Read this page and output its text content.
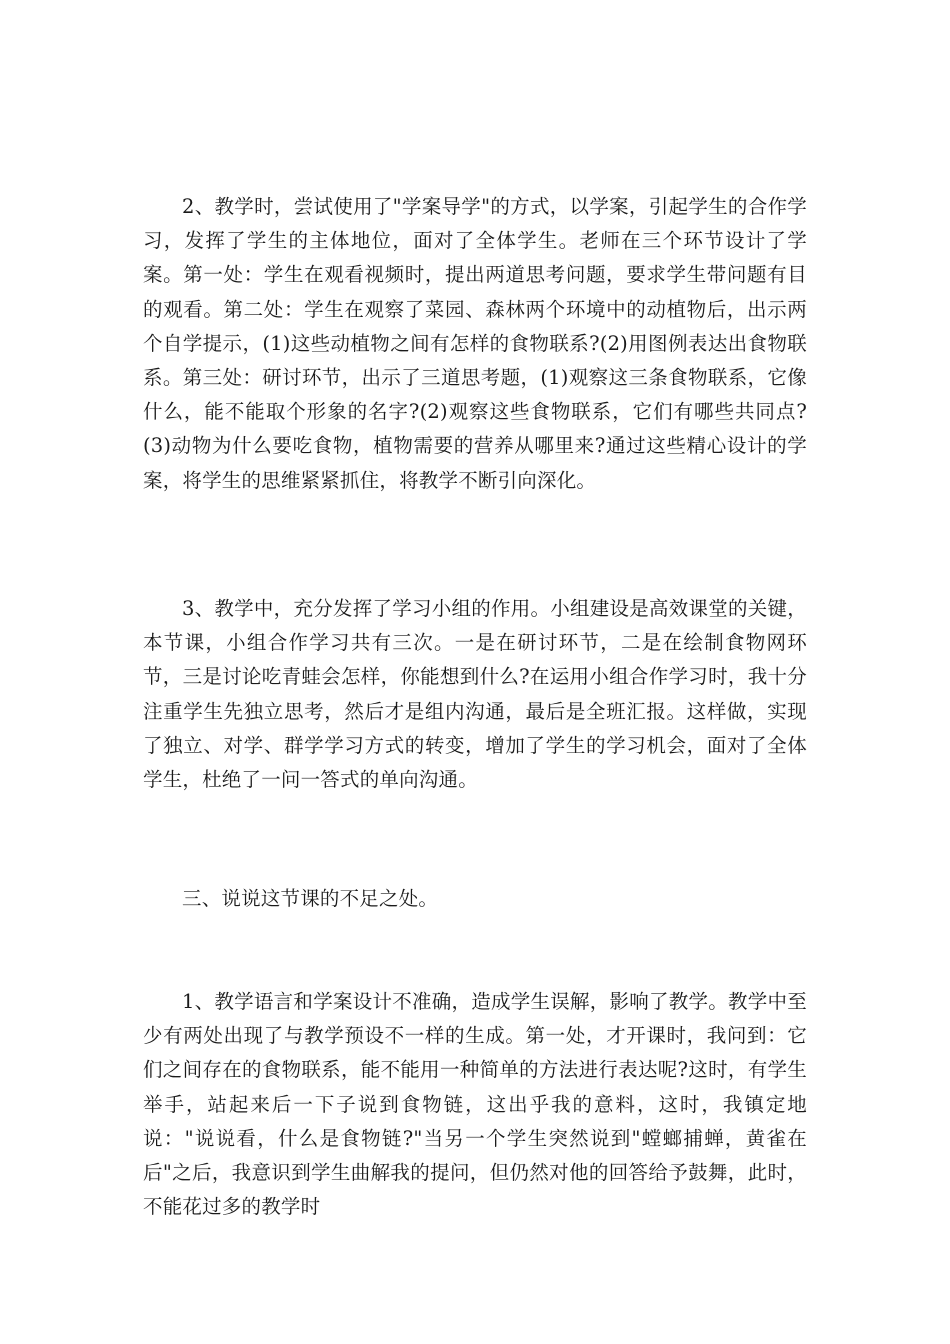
2、教学时，尝试使用了"学案导学"的方式，以学案，引起学生的合作学习，发挥了学生的主体地位，面对了全体学生。老师在三个环节设计了学案。第一处：学生在观看视频时，提出两道思考问题，要求学生带问题有目的观看。第二处：学生在观察了菜园、森林两个环境中的动植物后，出示两个自学提示，(1)这些动植物之间有怎样的食物联系?(2)用图例表达出食物联系。第三处：研讨环节，出示了三道思考题，(1)观察这三条食物联系，它像什么，能不能取个形象的名字?(2)观察这些食物联系，它们有哪些共同点?(3)动物为什么要吃食物，植物需要的营养从哪里来?通过这些精心设计的学案，将学生的思维紧紧抓住，将教学不断引向深化。

3、教学中，充分发挥了学习小组的作用。小组建设是高效课堂的关键，本节课，小组合作学习共有三次。一是在研讨环节，二是在绘制食物网环节，三是讨论吃青蛙会怎样，你能想到什么?在运用小组合作学习时，我十分注重学生先独立思考，然后才是组内沟通，最后是全班汇报。这样做，实现了独立、对学、群学学习方式的转变，增加了学生的学习机会，面对了全体学生，杜绝了一问一答式的单向沟通。

三、说说这节课的不足之处。

1、教学语言和学案设计不准确，造成学生误解，影响了教学。教学中至少有两处出现了与教学预设不一样的生成。第一处，才开课时，我问到：它们之间存在的食物联系，能不能用一种简单的方法进行表达呢?这时，有学生举手，站起来后一下子说到食物链，这出乎我的意料，这时，我镇定地说："说说看，什么是食物链?"当另一个学生突然说到"螳螂捕蝉，黄雀在后"之后，我意识到学生曲解我的提问，但仍然对他的回答给予鼓舞，此时，不能花过多的教学时
